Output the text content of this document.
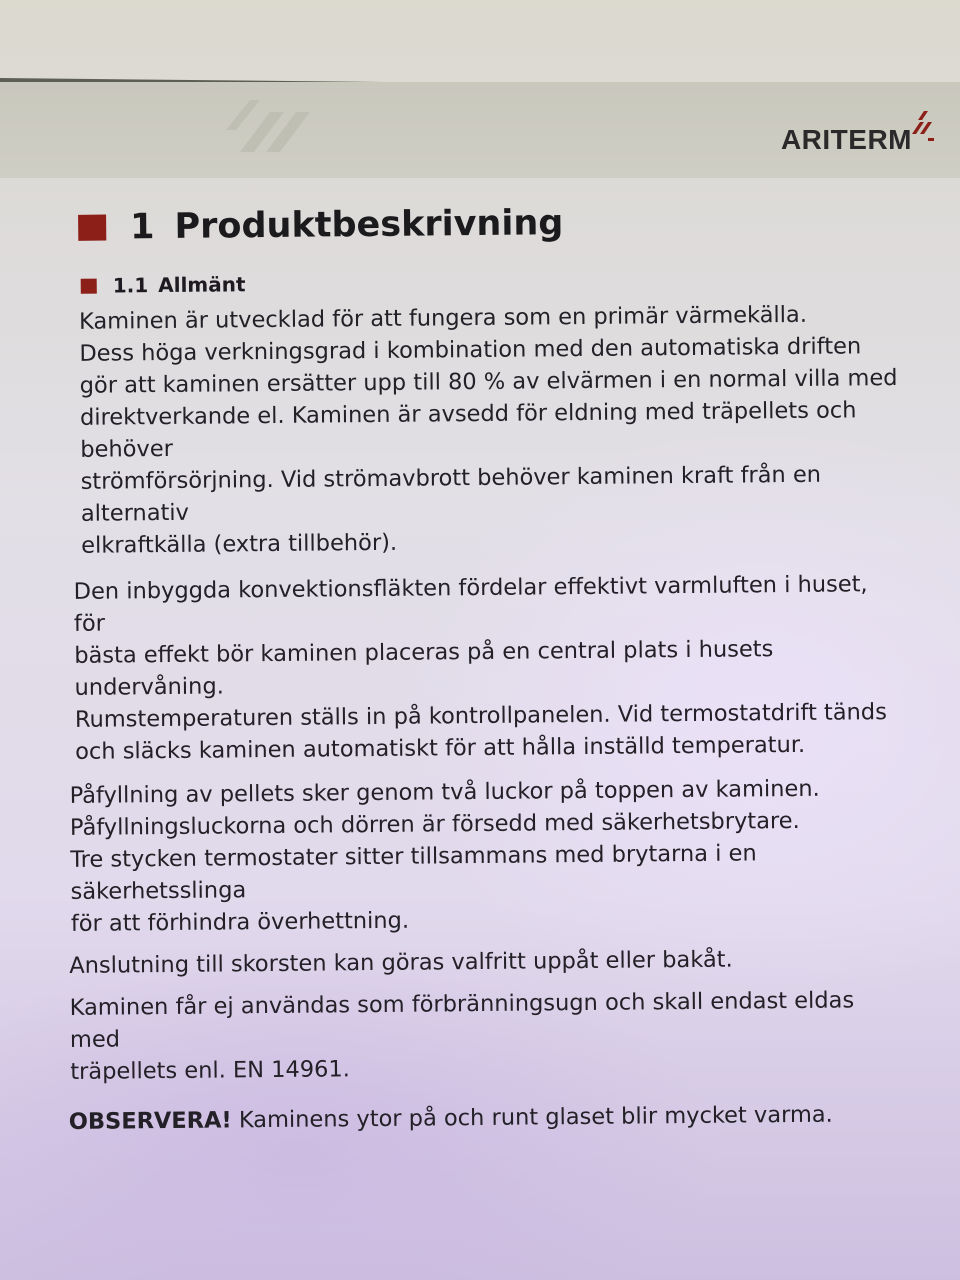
ARITERM
1 Produktbeskrivning
1.1 Allmänt

Kaminen är utvecklad för att fungera som en primär värmekälla.
Dess höga verkningsgrad i kombination med den automatiska driften
gör att kaminen ersätter upp till 80 % av elvärmen i en normal villa med
direktverkande el. Kaminen är avsedd för eldning med träpellets och behöver
strömförsörjning. Vid strömavbrott behöver kaminen kraft från en alternativ
elkraftkälla (extra tillbehör).

Den inbyggda konvektionsfläkten fördelar effektivt varmluften i huset, för
bästa effekt bör kaminen placeras på en central plats i husets undervåning.
Rumstemperaturen ställs in på kontrollpanelen. Vid termostatdrift tänds
och släcks kaminen automatiskt för att hålla inställd temperatur.

Påfyllning av pellets sker genom två luckor på toppen av kaminen.
Påfyllningsluckorna och dörren är försedd med säkerhetsbrytare.
Tre stycken termostater sitter tillsammans med brytarna i en säkerhetsslinga
för att förhindra överhettning.

Anslutning till skorsten kan göras valfritt uppåt eller bakåt.

Kaminen får ej användas som förbränningsugn och skall endast eldas med
träpellets enl. EN 14961.

OBSERVERA! Kaminens ytor på och runt glaset blir mycket varma.
